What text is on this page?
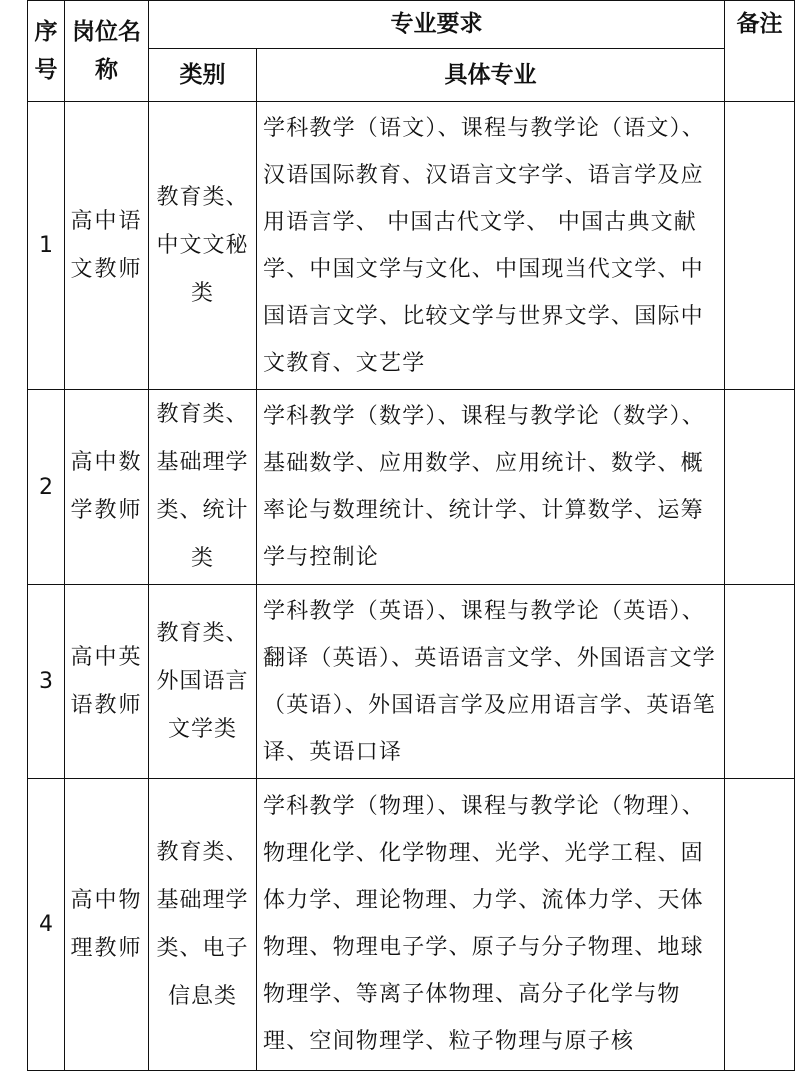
序号	岗位名称	专业要求		备注
		类别	具体专业	
1	高中语文教师	教育类、中文文秘类	学科教学（语文）、课程与教学论（语文）、汉语国际教育、汉语言文字学、语言学及应用语言学、 中国古代文学、 中国古典文献学、中国文学与文化、中国现当代文学、中国语言文学、比较文学与世界文学、国际中文教育、文艺学	
2	高中数学教师	教育类、基础理学类、统计类	学科教学（数学）、课程与教学论（数学）、基础数学、应用数学、应用统计、数学、概率论与数理统计、统计学、计算数学、运筹学与控制论	
3	高中英语教师	教育类、外国语言文学类	学科教学（英语）、课程与教学论（英语）、翻译（英语）、英语语言文学、外国语言文学（英语）、外国语言学及应用语言学、英语笔译、英语口译	
4	高中物理教师	教育类、基础理学类、电子信息类	学科教学（物理）、课程与教学论（物理）、物理化学、化学物理、光学、光学工程、固体力学、理论物理、力学、流体力学、天体物理、物理电子学、原子与分子物理、地球物理学、等离子体物理、高分子化学与物理、空间物理学、粒子物理与原子核	
